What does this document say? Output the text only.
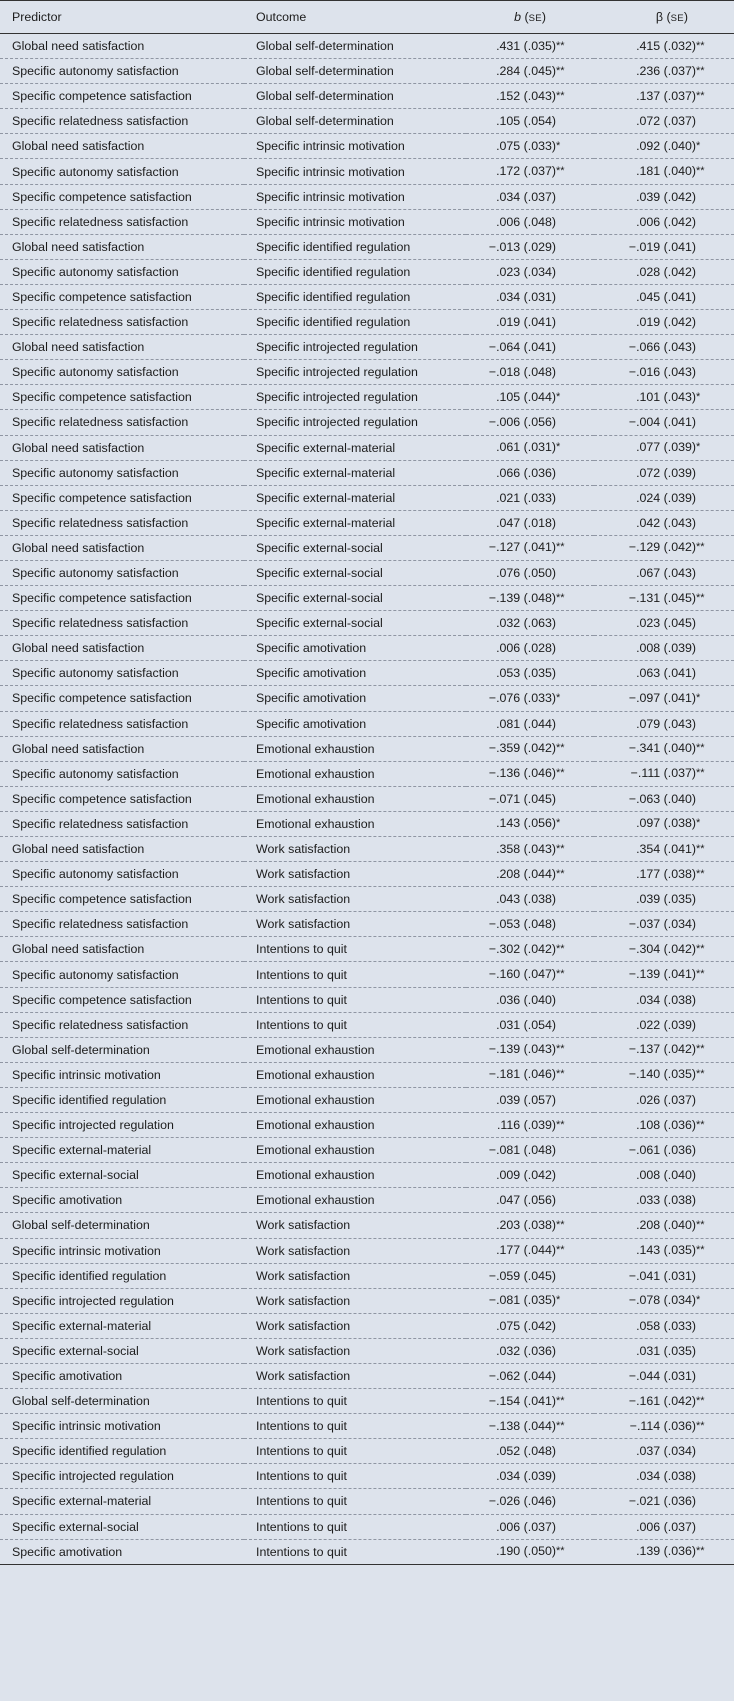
Predictor	Outcome	b (SE)	β (SE)
Global need satisfaction	Global self-determination	.431 (.035)**	.415 (.032)**
Specific autonomy satisfaction	Global self-determination	.284 (.045)**	.236 (.037)**
Specific competence satisfaction	Global self-determination	.152 (.043)**	.137 (.037)**
Specific relatedness satisfaction	Global self-determination	.105 (.054)	.072 (.037)
Global need satisfaction	Specific intrinsic motivation	.075 (.033)*	.092 (.040)*
Specific autonomy satisfaction	Specific intrinsic motivation	.172 (.037)**	.181 (.040)**
Specific competence satisfaction	Specific intrinsic motivation	.034 (.037)	.039 (.042)
Specific relatedness satisfaction	Specific intrinsic motivation	.006 (.048)	.006 (.042)
Global need satisfaction	Specific identified regulation	−.013 (.029)	−.019 (.041)
Specific autonomy satisfaction	Specific identified regulation	.023 (.034)	.028 (.042)
Specific competence satisfaction	Specific identified regulation	.034 (.031)	.045 (.041)
Specific relatedness satisfaction	Specific identified regulation	.019 (.041)	.019 (.042)
Global need satisfaction	Specific introjected regulation	−.064 (.041)	−.066 (.043)
Specific autonomy satisfaction	Specific introjected regulation	−.018 (.048)	−.016 (.043)
Specific competence satisfaction	Specific introjected regulation	.105 (.044)*	.101 (.043)*
Specific relatedness satisfaction	Specific introjected regulation	−.006 (.056)	−.004 (.041)
Global need satisfaction	Specific external-material	.061 (.031)*	.077 (.039)*
Specific autonomy satisfaction	Specific external-material	.066 (.036)	.072 (.039)
Specific competence satisfaction	Specific external-material	.021 (.033)	.024 (.039)
Specific relatedness satisfaction	Specific external-material	.047 (.018)	.042 (.043)
Global need satisfaction	Specific external-social	−.127 (.041)**	−.129 (.042)**
Specific autonomy satisfaction	Specific external-social	.076 (.050)	.067 (.043)
Specific competence satisfaction	Specific external-social	−.139 (.048)**	−.131 (.045)**
Specific relatedness satisfaction	Specific external-social	.032 (.063)	.023 (.045)
Global need satisfaction	Specific amotivation	.006 (.028)	.008 (.039)
Specific autonomy satisfaction	Specific amotivation	.053 (.035)	.063 (.041)
Specific competence satisfaction	Specific amotivation	−.076 (.033)*	−.097 (.041)*
Specific relatedness satisfaction	Specific amotivation	.081 (.044)	.079 (.043)
Global need satisfaction	Emotional exhaustion	−.359 (.042)**	−.341 (.040)**
Specific autonomy satisfaction	Emotional exhaustion	−.136 (.046)**	−.111 (.037)**
Specific competence satisfaction	Emotional exhaustion	−.071 (.045)	−.063 (.040)
Specific relatedness satisfaction	Emotional exhaustion	.143 (.056)*	.097 (.038)*
Global need satisfaction	Work satisfaction	.358 (.043)**	.354 (.041)**
Specific autonomy satisfaction	Work satisfaction	.208 (.044)**	.177 (.038)**
Specific competence satisfaction	Work satisfaction	.043 (.038)	.039 (.035)
Specific relatedness satisfaction	Work satisfaction	−.053 (.048)	−.037 (.034)
Global need satisfaction	Intentions to quit	−.302 (.042)**	−.304 (.042)**
Specific autonomy satisfaction	Intentions to quit	−.160 (.047)**	−.139 (.041)**
Specific competence satisfaction	Intentions to quit	.036 (.040)	.034 (.038)
Specific relatedness satisfaction	Intentions to quit	.031 (.054)	.022 (.039)
Global self-determination	Emotional exhaustion	−.139 (.043)**	−.137 (.042)**
Specific intrinsic motivation	Emotional exhaustion	−.181 (.046)**	−.140 (.035)**
Specific identified regulation	Emotional exhaustion	.039 (.057)	.026 (.037)
Specific introjected regulation	Emotional exhaustion	.116 (.039)**	.108 (.036)**
Specific external-material	Emotional exhaustion	−.081 (.048)	−.061 (.036)
Specific external-social	Emotional exhaustion	.009 (.042)	.008 (.040)
Specific amotivation	Emotional exhaustion	.047 (.056)	.033 (.038)
Global self-determination	Work satisfaction	.203 (.038)**	.208 (.040)**
Specific intrinsic motivation	Work satisfaction	.177 (.044)**	.143 (.035)**
Specific identified regulation	Work satisfaction	−.059 (.045)	−.041 (.031)
Specific introjected regulation	Work satisfaction	−.081 (.035)*	−.078 (.034)*
Specific external-material	Work satisfaction	.075 (.042)	.058 (.033)
Specific external-social	Work satisfaction	.032 (.036)	.031 (.035)
Specific amotivation	Work satisfaction	−.062 (.044)	−.044 (.031)
Global self-determination	Intentions to quit	−.154 (.041)**	−.161 (.042)**
Specific intrinsic motivation	Intentions to quit	−.138 (.044)**	−.114 (.036)**
Specific identified regulation	Intentions to quit	.052 (.048)	.037 (.034)
Specific introjected regulation	Intentions to quit	.034 (.039)	.034 (.038)
Specific external-material	Intentions to quit	−.026 (.046)	−.021 (.036)
Specific external-social	Intentions to quit	.006 (.037)	.006 (.037)
Specific amotivation	Intentions to quit	.190 (.050)**	.139 (.036)**
